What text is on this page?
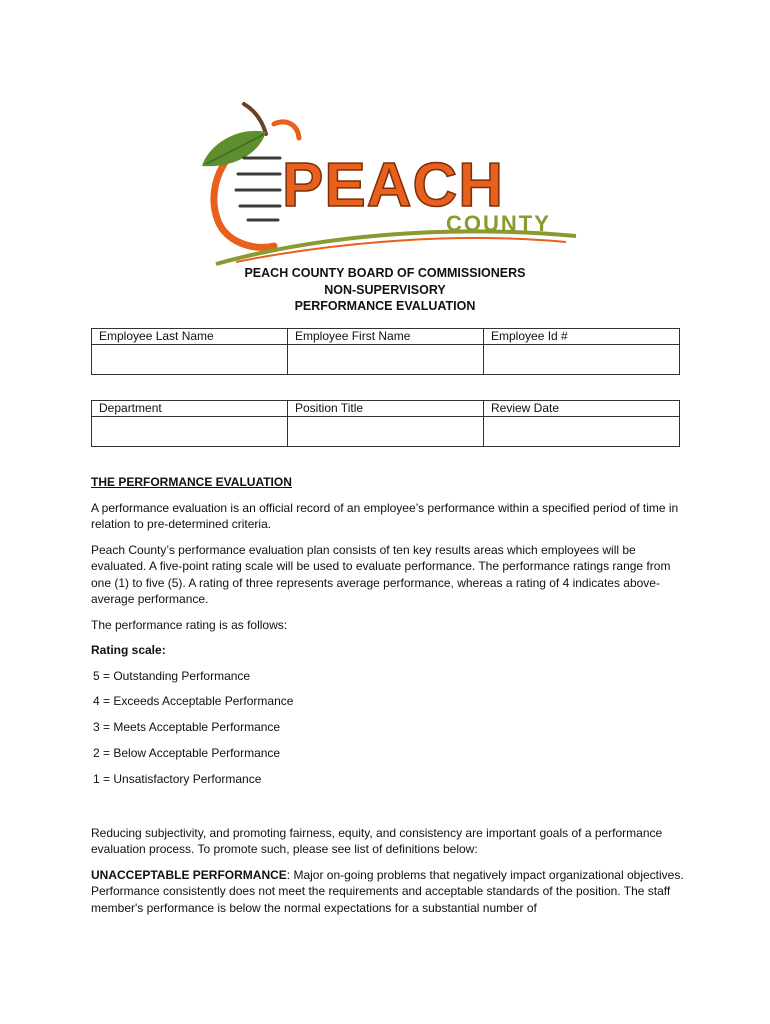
PEACH
COUNTY
PEACH COUNTY BOARD OF COMMISSIONERS
NON-SUPERVISORY
PERFORMANCE EVALUATION
Employee Last Name	Employee First Name	Employee Id #

Department	Position Title	Review Date

THE PERFORMANCE EVALUATION

A performance evaluation is an official record of an employee’s performance within a specified period of time in relation to pre-determined criteria.

Peach County’s performance evaluation plan consists of ten key results areas which employees will be evaluated. A five-point rating scale will be used to evaluate performance. The performance ratings range from one (1) to five (5). A rating of three represents average performance, whereas a rating of 4 indicates above-average performance.

The performance rating is as follows:

Rating scale:

5 = Outstanding Performance

4 = Exceeds Acceptable Performance

3 = Meets Acceptable Performance

2 = Below Acceptable Performance

1 = Unsatisfactory Performance

Reducing subjectivity, and promoting fairness, equity, and consistency are important goals of a performance evaluation process. To promote such, please see list of definitions below:

UNACCEPTABLE PERFORMANCE: Major on-going problems that negatively impact organizational objectives. Performance consistently does not meet the requirements and acceptable standards of the position. The staff member's performance is below the normal expectations for a substantial number of
